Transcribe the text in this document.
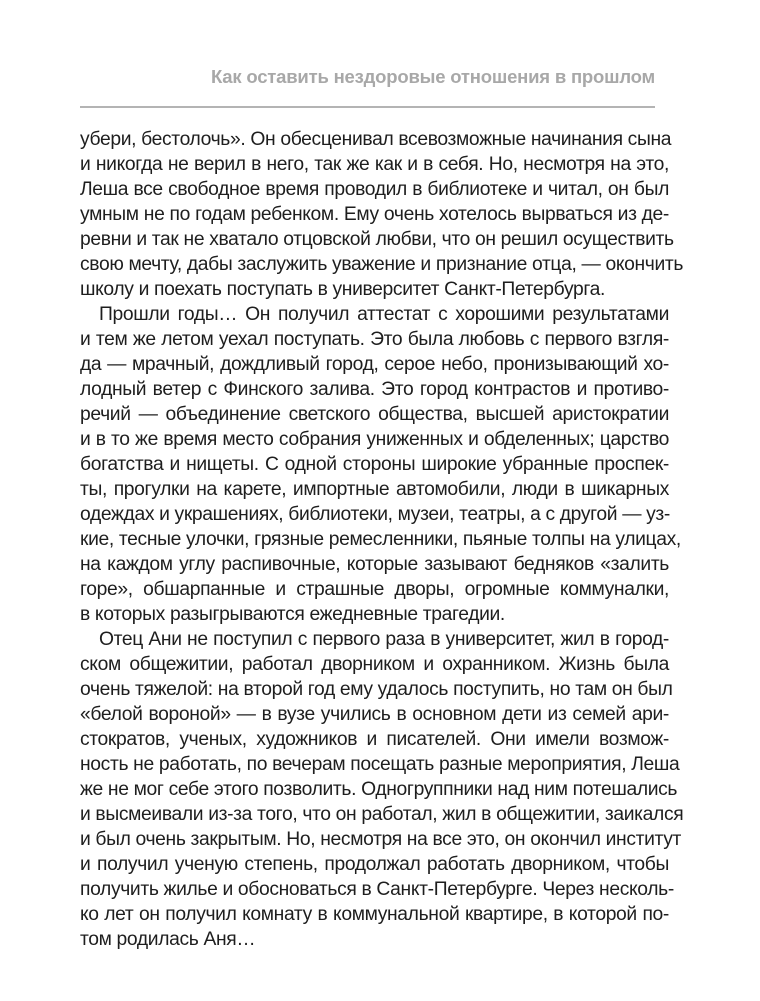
Как оставить нездоровые отношения в прошлом
убери, бестолочь». Он обесценивал всевозможные начинания сына
и никогда не верил в него, так же как и в себя. Но, несмотря на это,
Леша все свободное время проводил в библиотеке и читал, он был
умным не по годам ребенком. Ему очень хотелось вырваться из де-
ревни и так не хватало отцовской любви, что он решил осуществить
свою мечту, дабы заслужить уважение и признание отца, — окончить
школу и поехать поступать в университет Санкт-Петербурга.
Прошли годы… Он получил аттестат с хорошими результатами
и тем же летом уехал поступать. Это была любовь с первого взгля-
да — мрачный, дождливый город, серое небо, пронизывающий хо-
лодный ветер с Финского залива. Это город контрастов и противо-
речий — объединение светского общества, высшей аристократии
и в то же время место собрания униженных и обделенных; царство
богатства и нищеты. С одной стороны широкие убранные проспек-
ты, прогулки на карете, импортные автомобили, люди в шикарных
одеждах и украшениях, библиотеки, музеи, театры, а с другой — уз-
кие, тесные улочки, грязные ремесленники, пьяные толпы на улицах,
на каждом углу распивочные, которые зазывают бедняков «залить
горе», обшарпанные и страшные дворы, огромные коммуналки,
в которых разыгрываются ежедневные трагедии.
Отец Ани не поступил с первого раза в университет, жил в город-
ском общежитии, работал дворником и охранником. Жизнь была
очень тяжелой: на второй год ему удалось поступить, но там он был
«белой вороной» — в вузе учились в основном дети из семей ари-
стократов, ученых, художников и писателей. Они имели возмож-
ность не работать, по вечерам посещать разные мероприятия, Леша
же не мог себе этого позволить. Одногруппники над ним потешались
и высмеивали из-за того, что он работал, жил в общежитии, заикался
и был очень закрытым. Но, несмотря на все это, он окончил институт
и получил ученую степень, продолжал работать дворником, чтобы
получить жилье и обосноваться в Санкт-Петербурге. Через несколь-
ко лет он получил комнату в коммунальной квартире, в которой по-
том родилась Аня…
